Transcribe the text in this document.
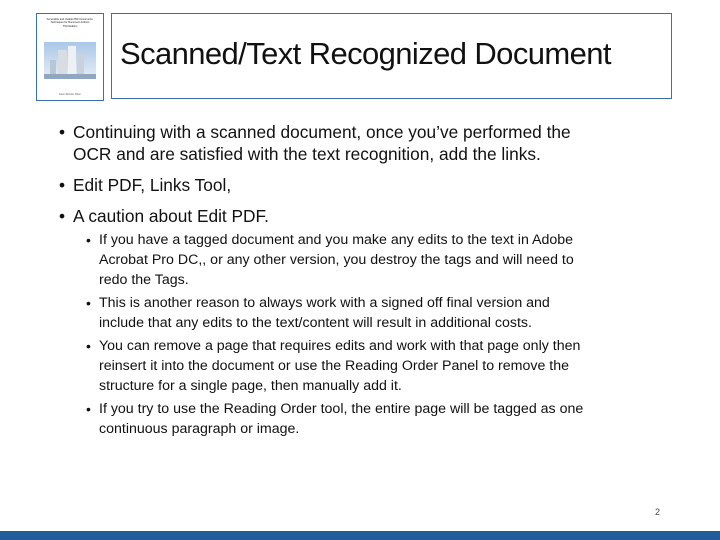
Accessible and Usable PDF Documents:
Techniques for Document Authors
Third Edition
Karen McCall, M.Ed.
Scanned/Text Recognized Document
• Continuing with a scanned document, once you’ve performed the
OCR and are satisfied with the text recognition, add the links.
• Edit PDF, Links Tool,
• A caution about Edit PDF.
• If you have a tagged document and you make any edits to the text in Adobe
Acrobat Pro DC,, or any other version, you destroy the tags and will need to
redo the Tags.
• This is another reason to always work with a signed off final version and
include that any edits to the text/content will result in additional costs.
• You can remove a page that requires edits and work with that page only then
reinsert it into the document or use the Reading Order Panel to remove the
structure for a single page, then manually add it.
• If you try to use the Reading Order tool, the entire page will be tagged as one
continuous paragraph or image.
2
